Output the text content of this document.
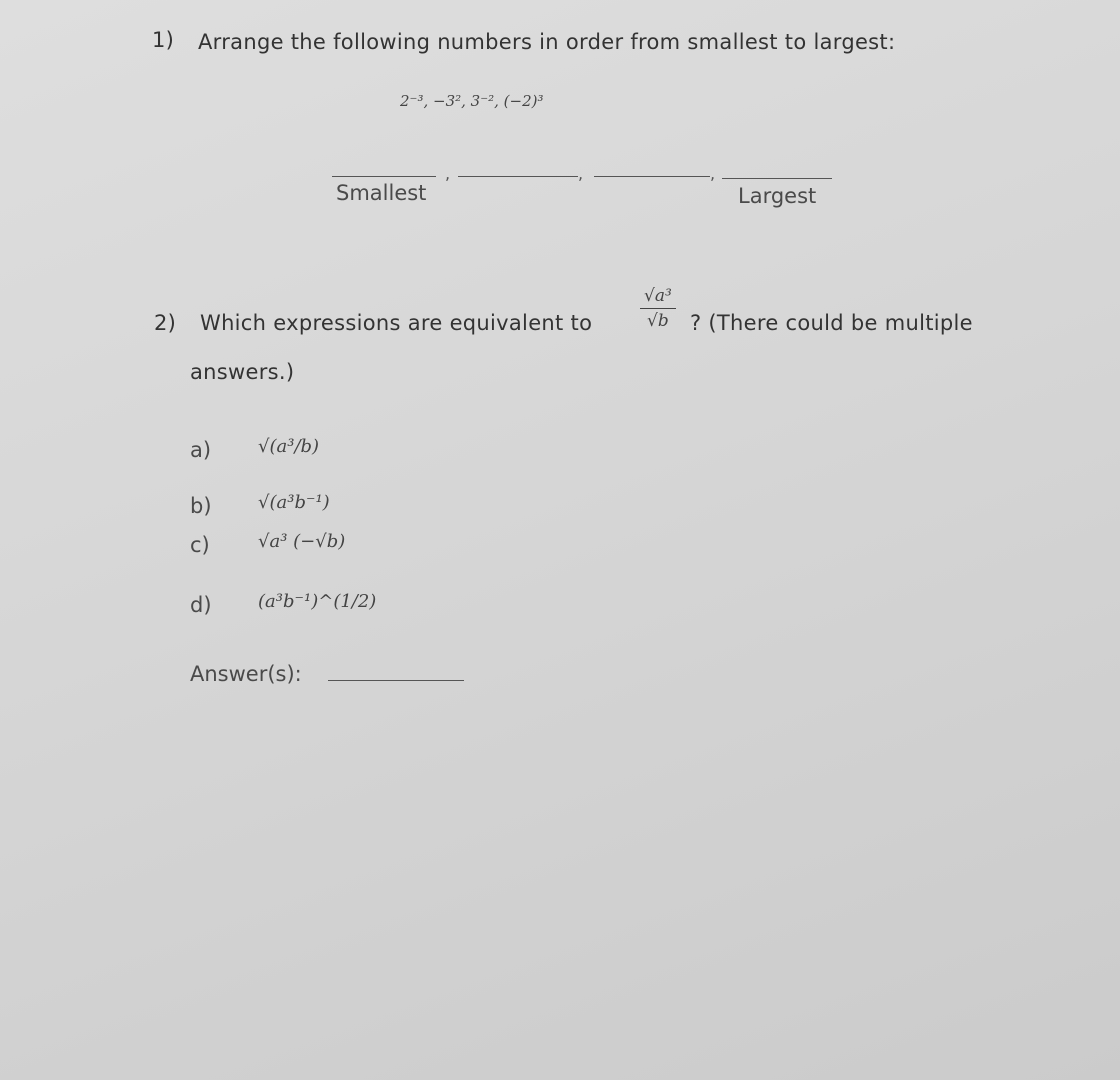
1) Arrange the following numbers in order from smallest to largest:
2⁻³, −3², 3⁻², (−2)³
,	,	,
Smallest	Largest
2) Which expressions are equivalent to	$\frac{\text{√a³}}{√b}$ ? (There could be multiple
answers.)
a)	√(a³/b)
b)	√(a³b⁻¹)
c)	√a³ (−√b)
d)	(a³b⁻¹)^(1/2)
Answer(s):
